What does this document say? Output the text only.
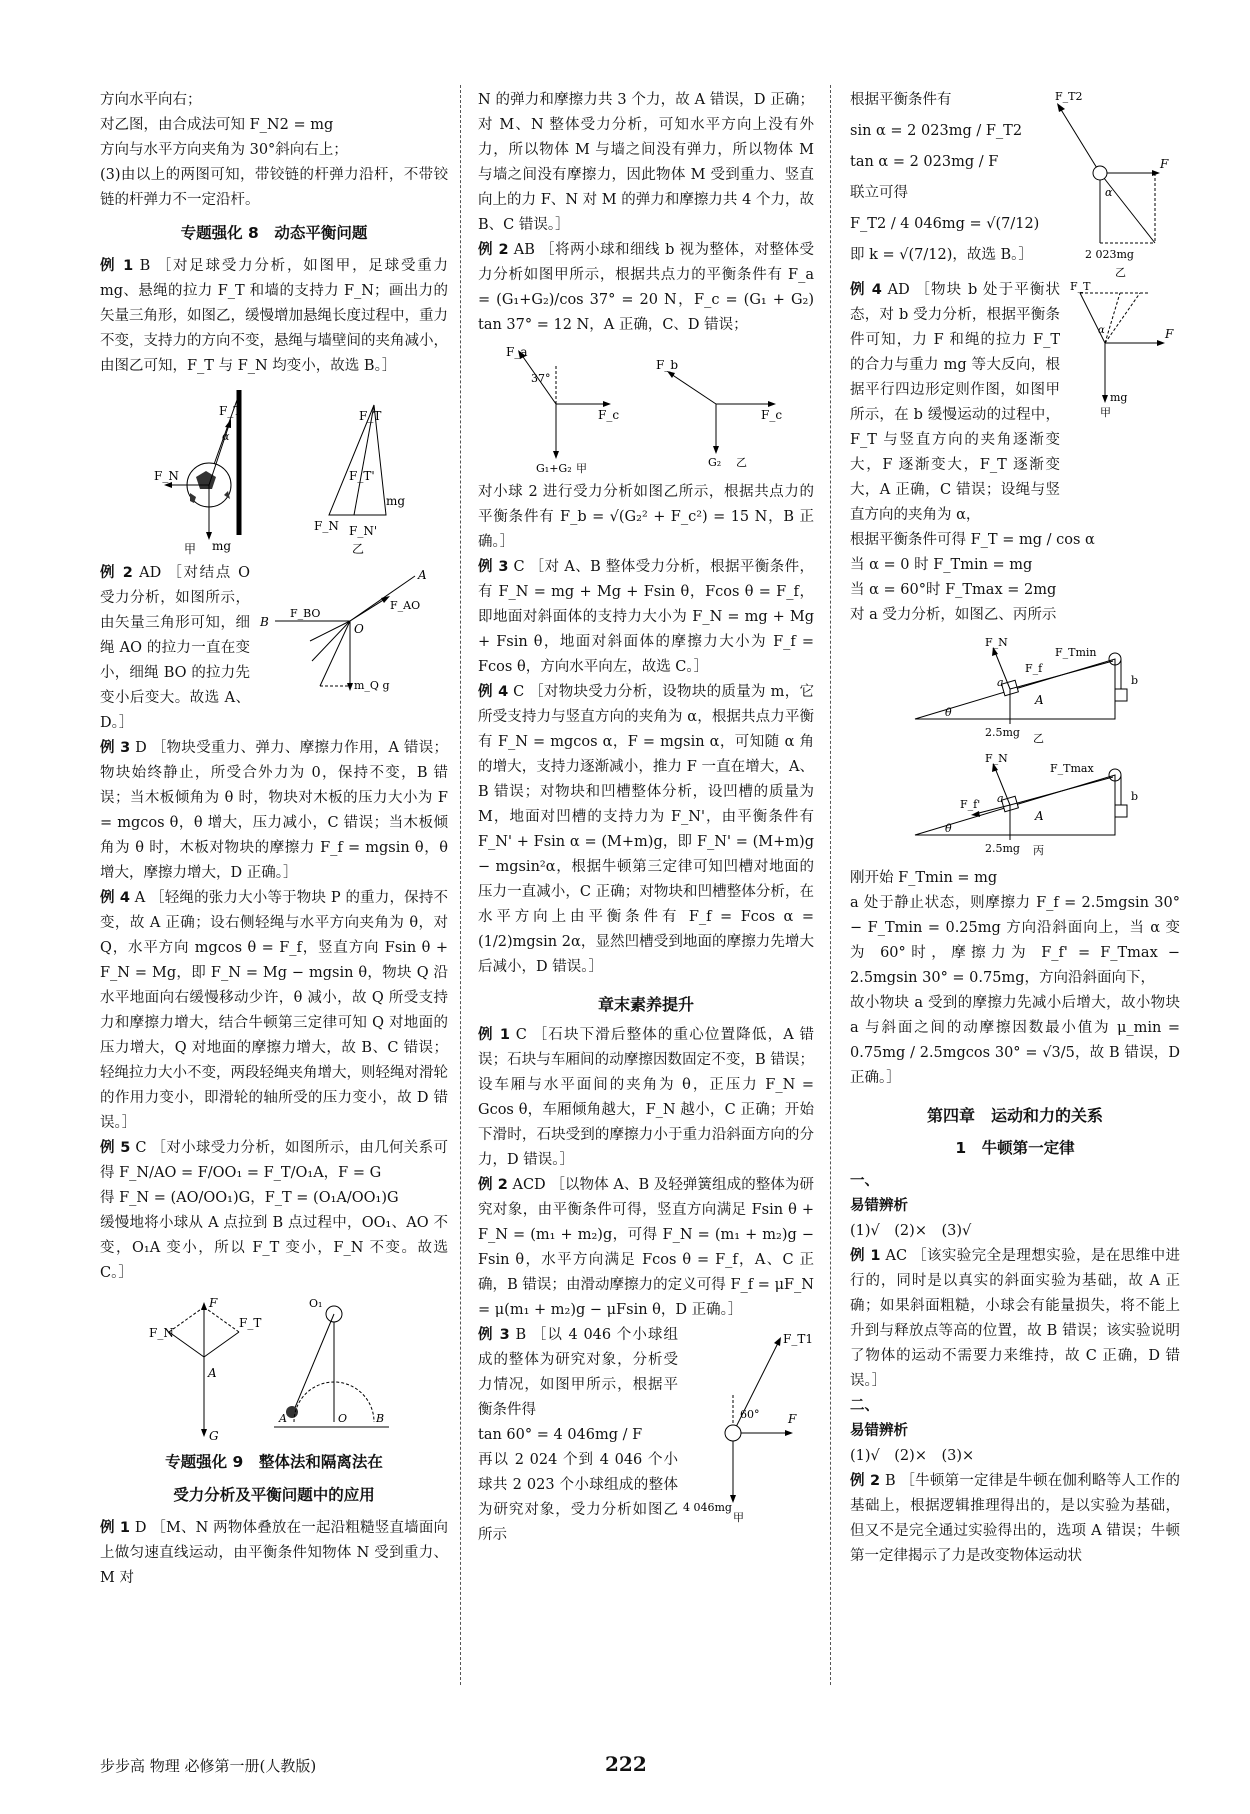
方向水平向右；

对乙图，由合成法可知 F_N2 = mg

方向与水平方向夹角为 30°斜向右上；

(3)由以上的两图可知，带铰链的杆弹力沿杆，不带铰链的杆弹力不一定沿杆。

专题强化 8　动态平衡问题

例 1 B ［对足球受力分析，如图甲，足球受重力 mg、悬绳的拉力 F_T 和墙的支持力 F_N；画出力的矢量三角形，如图乙，缓慢增加悬绳长度过程中，重力不变，支持力的方向不变，悬绳与墙壁间的夹角减小，由图乙可知，F_T 与 F_N 均变小，故选 B。］

F_T
α
F_N
mg
甲
F_T
F_T'
F_N F_N'
mg
乙

例 2 AD ［对结点 O 受力分析，如图所示，由矢量三角形可知，细绳 AO 的拉力一直在变小，细绳 BO 的拉力先变小后变大。故选 A、D。］

A
B	O
F_AO
F_BO
m_Q g

例 3 D ［物块受重力、弹力、摩擦力作用，A 错误；物块始终静止，所受合外力为 0，保持不变，B 错误；当木板倾角为 θ 时，物块对木板的压力大小为 F = mgcos θ，θ 增大，压力减小，C 错误；当木板倾角为 θ 时，木板对物块的摩擦力 F_f = mgsin θ，θ 增大，摩擦力增大，D 正确。］

例 4 A ［轻绳的张力大小等于物块 P 的重力，保持不变，故 A 正确；设右侧轻绳与水平方向夹角为 θ，对 Q，水平方向 mgcos θ = F_f，竖直方向 Fsin θ + F_N = Mg，即 F_N = Mg − mgsin θ，物块 Q 沿水平地面向右缓慢移动少许，θ 减小，故 Q 所受支持力和摩擦力增大，结合牛顿第三定律可知 Q 对地面的压力增大，Q 对地面的摩擦力增大，故 B、C 错误；轻绳拉力大小不变，两段轻绳夹角增大，则轻绳对滑轮的作用力变小，即滑轮的轴所受的压力变小，故 D 错误。］

例 5 C ［对小球受力分析，如图所示，由几何关系可得 F_N/AO = F/OO₁ = F_T/O₁A，F = G

得 F_N = (AO/OO₁)G，F_T = (O₁A/OO₁)G

缓慢地将小球从 A 点拉到 B 点过程中，OO₁、AO 不变，O₁A 变小，所以 F_T 变小，F_N 不变。故选 C。］

F
F_N
F_T
A
G
O₁
O
A	B
专题强化 9　整体法和隔离法在
受力分析及平衡问题中的应用

例 1 D ［M、N 两物体叠放在一起沿粗糙竖直墙面向上做匀速直线运动，由平衡条件知物体 N 受到重力、M 对

N 的弹力和摩擦力共 3 个力，故 A 错误，D 正确；对 M、N 整体受力分析，可知水平方向上没有外力，所以物体 M 与墙之间没有弹力，所以物体 M 与墙之间没有摩擦力，因此物体 M 受到重力、竖直向上的力 F、N 对 M 的弹力和摩擦力共 4 个力，故 B、C 错误。］

例 2 AB ［将两小球和细线 b 视为整体，对整体受力分析如图甲所示，根据共点力的平衡条件有 F_a = (G₁+G₂)/cos 37° = 20 N，F_c = (G₁ + G₂) tan 37° = 12 N，A 正确，C、D 错误；

F_a
37°
F_c
G₁+G₂ 甲
F_b
F_c
G₂ 乙

对小球 2 进行受力分析如图乙所示，根据共点力的平衡条件有 F_b = √(G₂² + F_c²) = 15 N，B 正确。］

例 3 C ［对 A、B 整体受力分析，根据平衡条件，有 F_N = mg + Mg + Fsin θ，Fcos θ = F_f，即地面对斜面体的支持力大小为 F_N = mg + Mg + Fsin θ，地面对斜面体的摩擦力大小为 F_f = Fcos θ，方向水平向左，故选 C。］

例 4 C ［对物块受力分析，设物块的质量为 m，它所受支持力与竖直方向的夹角为 α，根据共点力平衡有 F_N = mgcos α，F = mgsin α，可知随 α 角的增大，支持力逐渐减小，推力 F 一直在增大，A、B 错误；对物块和凹槽整体分析，设凹槽的质量为 M，地面对凹槽的支持力为 F_N'，由平衡条件有 F_N' + Fsin α = (M+m)g，即 F_N' = (M+m)g − mgsin²α，根据牛顿第三定律可知凹槽对地面的压力一直减小，C 正确；对物块和凹槽整体分析，在水平方向上由平衡条件有 F_f = Fcos α = (1/2)mgsin 2α，显然凹槽受到地面的摩擦力先增大后减小，D 错误。］

章末素养提升

例 1 C ［石块下滑后整体的重心位置降低，A 错误；石块与车厢间的动摩擦因数固定不变，B 错误；设车厢与水平面间的夹角为 θ，正压力 F_N = Gcos θ，车厢倾角越大，F_N 越小，C 正确；开始下滑时，石块受到的摩擦力小于重力沿斜面方向的分力，D 错误。］

例 2 ACD ［以物体 A、B 及轻弹簧组成的整体为研究对象，由平衡条件可得，竖直方向满足 Fsin θ + F_N = (m₁ + m₂)g，可得 F_N = (m₁ + m₂)g − Fsin θ，水平方向满足 Fcos θ = F_f，A、C 正确，B 错误；由滑动摩擦力的定义可得 F_f = μF_N = μ(m₁ + m₂)g − μFsin θ，D 正确。］

例 3 B ［以 4 046 个小球组成的整体为研究对象，分析受力情况，如图甲所示，根据平衡条件得

tan 60° = 4 046mg / F

再以 2 024 个到 4 046 个小球共 2 023 个小球组成的整体为研究对象，受力分析如图乙所示

F_T1
60° F
4 046mg
甲

根据平衡条件有

sin α = 2 023mg / F_T2

tan α = 2 023mg / F

联立可得

F_T2 / 4 046mg = √(7/12)

即 k = √(7/12)，故选 B。］

F_T2
α
F
2 023mg
乙

例 4 AD ［物块 b 处于平衡状态，对 b 受力分析，根据平衡条件可知，力 F 和绳的拉力 F_T 的合力与重力 mg 等大反向，根据平行四边形定则作图，如图甲所示，在 b 缓慢运动的过程中，F_T 与竖直方向的夹角逐渐变大，F 逐渐变大，F_T 逐渐变大，A 正确，C 错误；设绳与竖直方向的夹角为 α，

F_T
α	F
mg
甲

根据平衡条件可得 F_T = mg / cos α

当 α = 0 时 F_Tmin = mg

当 α = 60°时 F_Tmax = 2mg

对 a 受力分析，如图乙、丙所示

A
b
a
F_N
F_f
F_Tmin
θ
2.5mg 乙
A
b
a
F_N
F_f'
F_Tmax
θ
2.5mg 丙

刚开始 F_Tmin = mg

a 处于静止状态，则摩擦力 F_f = 2.5mgsin 30° − F_Tmin = 0.25mg 方向沿斜面向上，当 α 变为 60°时，摩擦力为 F_f' = F_Tmax − 2.5mgsin 30° = 0.75mg，方向沿斜面向下，

故小物块 a 受到的摩擦力先减小后增大，故小物块 a 与斜面之间的动摩擦因数最小值为 μ_min = 0.75mg / 2.5mgcos 30° = √3/5，故 B 错误，D 正确。］

第四章　运动和力的关系
1　牛顿第一定律

一、

易错辨析

(1)√　(2)×　(3)√

例 1 AC ［该实验完全是理想实验，是在思维中进行的，同时是以真实的斜面实验为基础，故 A 正确；如果斜面粗糙，小球会有能量损失，将不能上升到与释放点等高的位置，故 B 错误；该实验说明了物体的运动不需要力来维持，故 C 正确，D 错误。］

二、

易错辨析

(1)√　(2)×　(3)×

例 2 B ［牛顿第一定律是牛顿在伽利略等人工作的基础上，根据逻辑推理得出的，是以实验为基础，但又不是完全通过实验得出的，选项 A 错误；牛顿第一定律揭示了力是改变物体运动状

步步高 物理 必修第一册(人教版)	222
